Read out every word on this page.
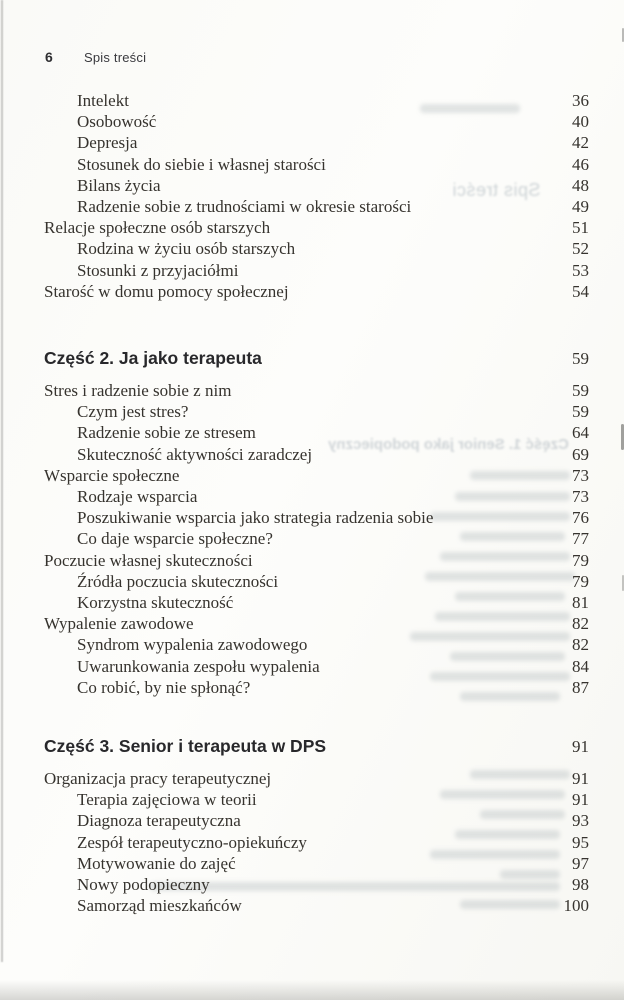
Spis treści
Część 1. Senior jako podopieczny
6 Spis treści
Intelekt	36
Osobowość	40
Depresja	42
Stosunek do siebie i własnej starości	46
Bilans życia	48
Radzenie sobie z trudnościami w okresie starości	49
Relacje społeczne osób starszych	51
Rodzina w życiu osób starszych	52
Stosunki z przyjaciółmi	53
Starość w domu pomocy społecznej	54
Część 2. Ja jako terapeuta	59
Stres i radzenie sobie z nim	59
Czym jest stres?	59
Radzenie sobie ze stresem	64
Skuteczność aktywności zaradczej	69
Wsparcie społeczne	73
Rodzaje wsparcia	73
Poszukiwanie wsparcia jako strategia radzenia sobie	76
Co daje wsparcie społeczne?	77
Poczucie własnej skuteczności	79
Źródła poczucia skuteczności	79
Korzystna skuteczność	81
Wypalenie zawodowe	82
Syndrom wypalenia zawodowego	82
Uwarunkowania zespołu wypalenia	84
Co robić, by nie spłonąć?	87
Część 3. Senior i terapeuta w DPS	91
Organizacja pracy terapeutycznej	91
Terapia zajęciowa w teorii	91
Diagnoza terapeutyczna	93
Zespół terapeutyczno-opiekuńczy	95
Motywowanie do zajęć	97
Nowy podopieczny	98
Samorząd mieszkańców	100
